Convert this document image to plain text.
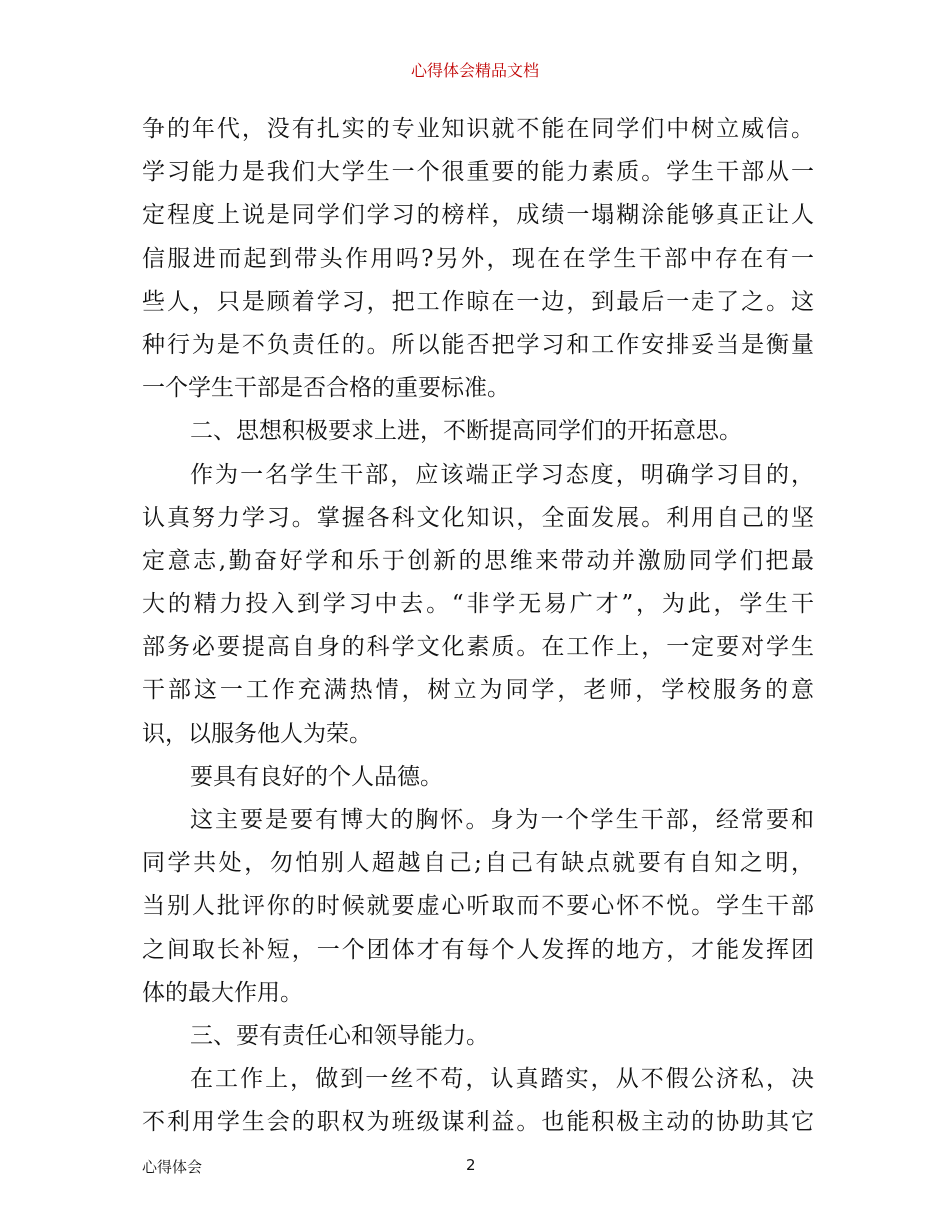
心得体会精品文档
争的年代，没有扎实的专业知识就不能在同学们中树立威信。
学习能力是我们大学生一个很重要的能力素质。学生干部从一
定程度上说是同学们学习的榜样，成绩一塌糊涂能够真正让人
信服进而起到带头作用吗?另外，现在在学生干部中存在有一
些人，只是顾着学习，把工作晾在一边，到最后一走了之。这
种行为是不负责任的。所以能否把学习和工作安排妥当是衡量
一个学生干部是否合格的重要标准。
二、思想积极要求上进，不断提高同学们的开拓意思。
作为一名学生干部，应该端正学习态度，明确学习目的，
认真努力学习。掌握各科文化知识，全面发展。利用自己的坚
定意志,勤奋好学和乐于创新的思维来带动并激励同学们把最
大的精力投入到学习中去。“非学无易广才”，为此，学生干
部务必要提高自身的科学文化素质。在工作上，一定要对学生
干部这一工作充满热情，树立为同学，老师，学校服务的意
识，以服务他人为荣。
要具有良好的个人品德。
这主要是要有博大的胸怀。身为一个学生干部，经常要和
同学共处，勿怕别人超越自己;自己有缺点就要有自知之明，
当别人批评你的时候就要虚心听取而不要心怀不悦。学生干部
之间取长补短，一个团体才有每个人发挥的地方，才能发挥团
体的最大作用。
三、要有责任心和领导能力。
在工作上，做到一丝不苟，认真踏实，从不假公济私，决
不利用学生会的职权为班级谋利益。也能积极主动的协助其它
心得体会	2
